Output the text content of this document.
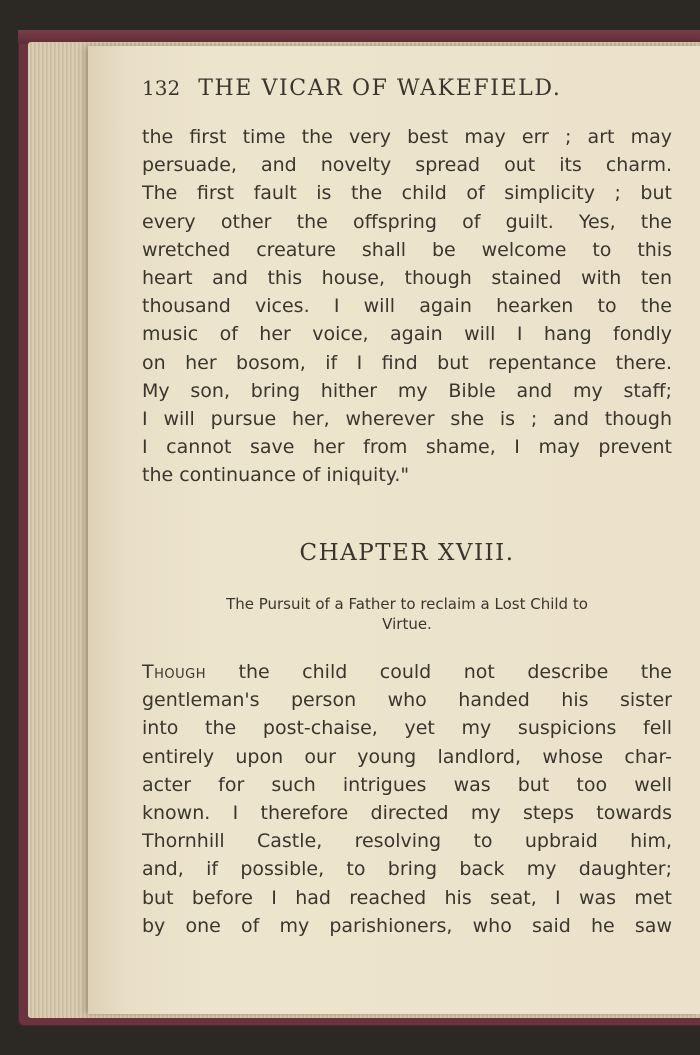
132 THE VICAR OF WAKEFIELD.
the first time the very best may err ; art may
persuade, and novelty spread out its charm.
The first fault is the child of simplicity ; but
every other the offspring of guilt. Yes, the
wretched creature shall be welcome to this
heart and this house, though stained with ten
thousand vices. I will again hearken to the
music of her voice, again will I hang fondly
on her bosom, if I find but repentance there.
My son, bring hither my Bible and my staff;
I will pursue her, wherever she is ; and though
I cannot save her from shame, I may prevent
the continuance of iniquity."
CHAPTER XVIII.
The Pursuit of a Father to reclaim a Lost Child to
Virtue.
Though the child could not describe the
gentleman's person who handed his sister
into the post-chaise, yet my suspicions fell
entirely upon our young landlord, whose char-
acter for such intrigues was but too well
known. I therefore directed my steps towards
Thornhill Castle, resolving to upbraid him,
and, if possible, to bring back my daughter;
but before I had reached his seat, I was met
by one of my parishioners, who said he saw
